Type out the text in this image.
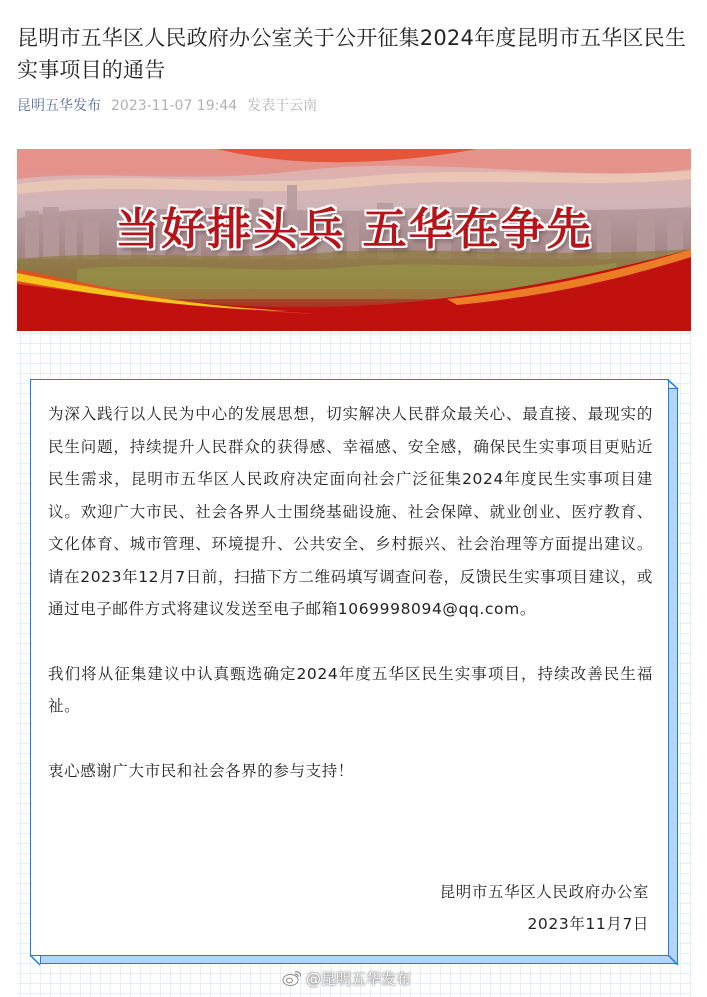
昆明市五华区人民政府办公室关于公开征集2024年度昆明市五华区民生实事项目的通告
昆明五华发布 2023-11-07 19:44 发表于云南
当好排头兵 五华在争先

为深入践行以人民为中心的发展思想，切实解决人民群众最关心、最直接、最现实的民生问题，持续提升人民群众的获得感、幸福感、安全感，确保民生实事项目更贴近民生需求，昆明市五华区人民政府决定面向社会广泛征集2024年度民生实事项目建议。欢迎广大市民、社会各界人士围绕基础设施、社会保障、就业创业、医疗教育、文化体育、城市管理、环境提升、公共安全、乡村振兴、社会治理等方面提出建议。请在2023年12月7日前，扫描下方二维码填写调查问卷，反馈民生实事项目建议，或通过电子邮件方式将建议发送至电子邮箱1069998094@qq.com。

我们将从征集建议中认真甄选确定2024年度五华区民生实事项目，持续改善民生福祉。

衷心感谢广大市民和社会各界的参与支持！

昆明市五华区人民政府办公室
2023年11月7日
@昆明五华发布
